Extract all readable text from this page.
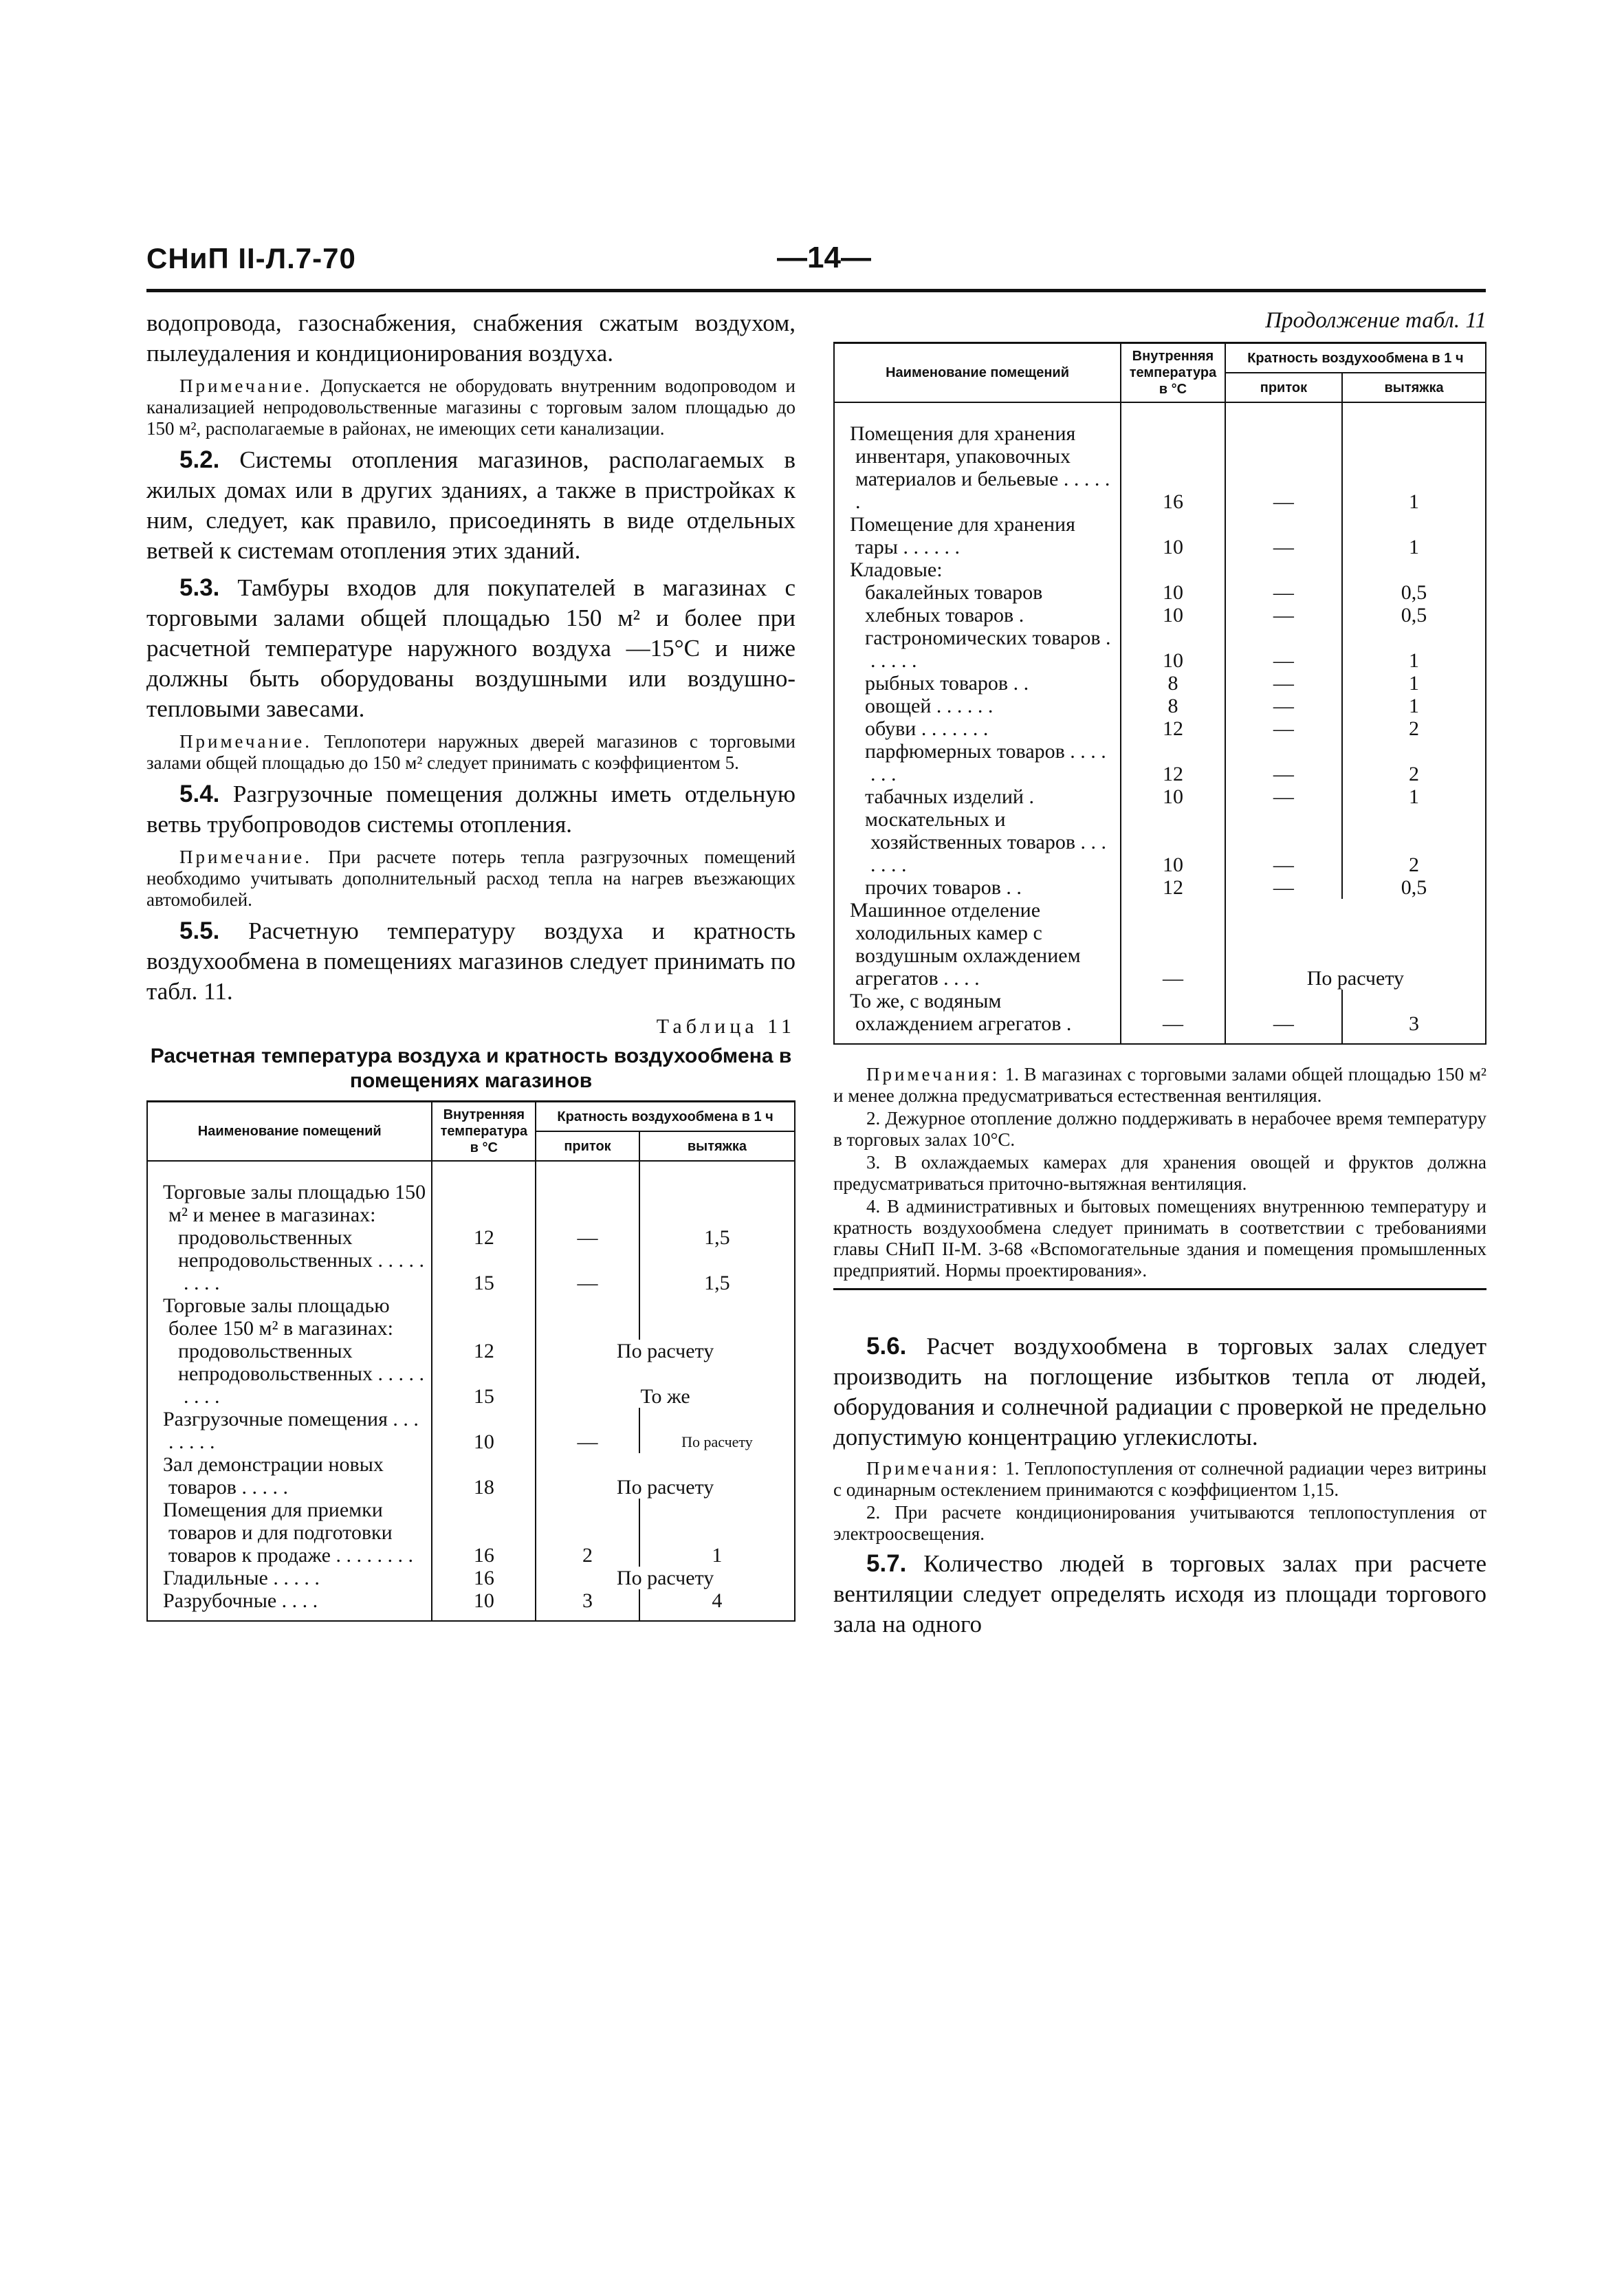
СНиП II-Л.7-70	—14—

водопровода, газоснабжения, снабжения сжатым воздухом, пылеудаления и кондиционирования воздуха.

Примечание. Допускается не оборудовать внутренним водопроводом и канализацией непродовольственные магазины с торговым залом площадью до 150 м², располагаемые в районах, не имеющих сети канализации.

5.2. Системы отопления магазинов, располагаемых в жилых домах или в других зданиях, а также в пристройках к ним, следует, как правило, присоединять в виде отдельных ветвей к системам отопления этих зданий.

5.3. Тамбуры входов для покупателей в магазинах с торговыми залами общей площадью 150 м² и более при расчетной температуре наружного воздуха —15°С и ниже должны быть оборудованы воздушными или воздушно-тепловыми завесами.

Примечание. Теплопотери наружных дверей магазинов с торговыми залами общей площадью до 150 м² следует принимать с коэффициентом 5.

5.4. Разгрузочные помещения должны иметь отдельную ветвь трубопроводов системы отопления.

Примечание. При расчете потерь тепла разгрузочных помещений необходимо учитывать дополнительный расход тепла на нагрев въезжающих автомобилей.

5.5. Расчетную температуру воздуха и кратность воздухообмена в помещениях магазинов следует принимать по табл. 11.

Таблица 11
Расчетная температура воздуха и кратность воздухообмена в помещениях магазинов
Наименование помещений	Внутренняя температура в °С	Кратность воздухообмена в 1 ч	
		приток	вытяжка
Торговые залы площадью 150 м² и менее в магазинах:			
продовольственных	12	—	1,5
непродовольственных . . . . . . . . .	15	—	1,5
Торговые залы площадью более 150 м² в магазинах:			
продовольственных	12	По расчету	
непродовольственных . . . . . . . . .	15	То же	
Разгрузочные помещения . . . . . . . .	10	—	По расчету
Зал демонстрации новых товаров . . . . .	18	По расчету	
Помещения для приемки товаров и для подготовки товаров к продаже . . . . . . . .	16	2	1
Гладильные . . . . .	16	По расчету	
Разрубочные . . . .	10	3	4
Продолжение табл. 11
Наименование помещений	Внутренняя температура в °С	Кратность воздухообмена в 1 ч	
		приток	вытяжка
Помещения для хранения инвентаря, упаковочных материалов и бельевые . . . . . .	16	—	1
Помещение для хранения тары . . . . . .	10	—	1
Кладовые:			
бакалейных товаров	10	—	0,5
хлебных товаров .	10	—	0,5
гастрономических товаров . . . . . .	10	—	1
рыбных товаров . .	8	—	1
овощей . . . . . .	8	—	1
обуви . . . . . . .	12	—	2
парфюмерных товаров . . . . . . .	12	—	2
табачных изделий .	10	—	1
москательных и хозяйственных товаров . . . . . . .	10	—	2
прочих товаров . .	12	—	0,5
Машинное отделение холодильных камер с воздушным охлаждением агрегатов . . . .	—	По расчету	
То же, с водяным охлаждением агрегатов .	—	—	3

Примечания: 1. В магазинах с торговыми залами общей площадью 150 м² и менее должна предусматриваться естественная вентиляция.

2. Дежурное отопление должно поддерживать в нерабочее время температуру в торговых залах 10°С.

3. В охлаждаемых камерах для хранения овощей и фруктов должна предусматриваться приточно-вытяжная вентиляция.

4. В административных и бытовых помещениях внутреннюю температуру и кратность воздухообмена следует принимать в соответствии с требованиями главы СНиП II-М. 3-68 «Вспомогательные здания и помещения промышленных предприятий. Нормы проектирования».

5.6. Расчет воздухообмена в торговых залах следует производить на поглощение избытков тепла от людей, оборудования и солнечной радиации с проверкой не предельно допустимую концентрацию углекислоты.

Примечания: 1. Теплопоступления от солнечной радиации через витрины с одинарным остеклением принимаются с коэффициентом 1,15.

2. При расчете кондиционирования учитываются теплопоступления от электроосвещения.

5.7. Количество людей в торговых залах при расчете вентиляции следует определять исходя из площади торгового зала на одного
